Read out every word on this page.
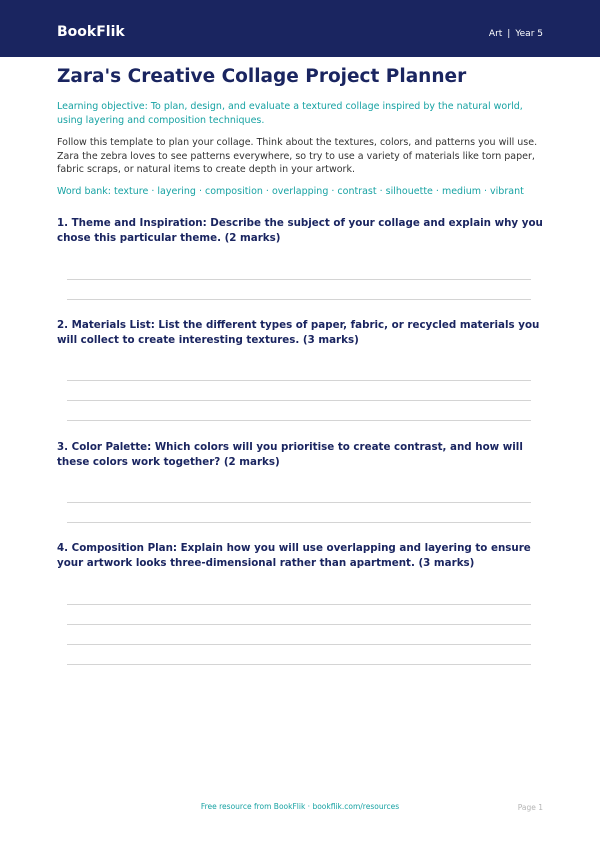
BookFlik	Art | Year 5
Zara's Creative Collage Project Planner
Learning objective: To plan, design, and evaluate a textured collage inspired by the natural world, using layering and composition techniques.
Follow this template to plan your collage. Think about the textures, colors, and patterns you will use. Zara the zebra loves to see patterns everywhere, so try to use a variety of materials like torn paper, fabric scraps, or natural items to create depth in your artwork.
Word bank: texture · layering · composition · overlapping · contrast · silhouette · medium · vibrant
1. Theme and Inspiration: Describe the subject of your collage and explain why you chose this particular theme. (2 marks)
2. Materials List: List the different types of paper, fabric, or recycled materials you will collect to create interesting textures. (3 marks)
3. Color Palette: Which colors will you prioritise to create contrast, and how will these colors work together? (2 marks)
4. Composition Plan: Explain how you will use overlapping and layering to ensure your artwork looks three-dimensional rather than apartment. (3 marks)
Free resource from BookFlik · bookflik.com/resources	Page 1
